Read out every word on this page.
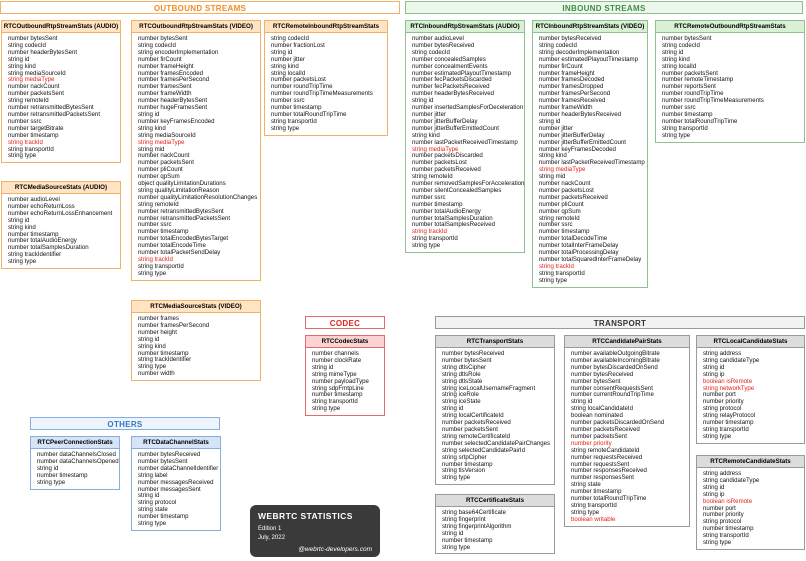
OUTBOUND STREAMS	INBOUND STREAMS
CODEC	TRANSPORT
OTHERS
RTCOutboundRtpStreamStats (AUDIO)
number bytesSent
string codecId
number headerBytesSent
string id
string kind
string mediaSourceId
string mediaType
number nackCount
number packetsSent
string remoteId
number retransmittedBytesSent
number retransmittedPacketsSent
number ssrc
number targetBitrate
number timestamp
string trackId
string transportId
string type
RTCMediaSourceStats (AUDIO)
number audioLevel
number echoReturnLoss
number echoReturnLossEnhancement
string id
string kind
number timestamp
number totalAudioEnergy
number totalSamplesDuration
string trackIdentifier
string type
RTCOutboundRtpStreamStats (VIDEO)
number bytesSent
string codecId
string encoderImplementation
number firCount
number frameHeight
number framesEncoded
number framesPerSecond
number framesSent
number frameWidth
number headerBytesSent
number hugeFramesSent
string id
number keyFramesEncoded
string kind
string mediaSourceId
string mediaType
string mid
number nackCount
number packetsSent
number pliCount
number qpSum
object qualityLimitationDurations
string qualityLimitationReason
number qualityLimitationResolutionChanges
string remoteId
number retransmittedBytesSent
number retransmittedPacketsSent
number ssrc
number timestamp
number totalEncodedBytesTarget
number totalEncodeTime
number totalPacketSendDelay
string trackId
string transportId
string type
RTCMediaSourceStats (VIDEO)
number frames
number framesPerSecond
number height
string id
string kind
number timestamp
string trackIdentifier
string type
number width
RTCRemoteInboundRtpStreamStats
string codecId
number fractionLost
string id
number jitter
string kind
string localId
number packetsLost
number roundTripTime
number roundTripTimeMeasurements
number ssrc
number timestamp
number totalRoundTripTime
string transportId
string type
RTCInboundRtpStreamStats (AUDIO)
number audioLevel
number bytesReceived
string codecId
number concealedSamples
number concealmentEvents
number estimatedPlayoutTimestamp
number fecPacketsDiscarded
number fecPacketsReceived
number headerBytesReceived
string id
number insertedSamplesForDeceleration
number jitter
number jitterBufferDelay
number jitterBufferEmittedCount
string kind
number lastPacketReceivedTimestamp
string mediaType
number packetsDiscarded
number packetsLost
number packetsReceived
string remoteId
number removedSamplesForAcceleration
number silentConcealedSamples
number ssrc
number timestamp
number totalAudioEnergy
number totalSamplesDuration
number totalSamplesReceived
string trackId
string transportId
string type
RTCInboundRtpStreamStats (VIDEO)
number bytesReceived
string codecId
string decoderImplementation
number estimatedPlayoutTimestamp
number firCount
number frameHeight
number framesDecoded
number framesDropped
number framesPerSecond
number framesReceived
number frameWidth
number headerBytesReceived
string id
number jitter
number jitterBufferDelay
number jitterBufferEmittedCount
number keyFramesDecoded
string kind
number lastPacketReceivedTimestamp
string mediaType
string mid
number nackCount
number packetsLost
number packetsReceived
number pliCount
number qpSum
string remoteId
number ssrc
number timestamp
number totalDecodeTime
number totalInterFrameDelay
number totalProcessingDelay
number totalSquaredInterFrameDelay
string trackId
string transportId
string type
RTCRemoteOutboundRtpStreamStats
number bytesSent
string codecId
string id
string kind
string localId
number packetsSent
number remoteTimestamp
number reportsSent
number roundTripTime
number roundTripTimeMeasurements
number ssrc
number timestamp
number totalRoundTripTime
string transportId
string type
RTCCodecStats
number channels
number clockRate
string id
string mimeType
number payloadType
string sdpFmtpLine
number timestamp
string transportId
string type
RTCTransportStats
number bytesReceived
number bytesSent
string dtlsCipher
string dtlsRole
string dtlsState
string iceLocalUsernameFragment
string iceRole
string iceState
string id
string localCertificateId
number packetsReceived
number packetsSent
string remoteCertificateId
number selectedCandidatePairChanges
string selectedCandidatePairId
string srtpCipher
number timestamp
string tlsVersion
string type
RTCCertificateStats
string base64Certificate
string fingerprint
string fingerprintAlgorithm
string id
number timestamp
string type
RTCCandidatePairStats
number availableOutgoingBitrate
number availableIncomingBitrate
number bytesDiscardedOnSend
number bytesReceived
number bytesSent
number consentRequestsSent
number currentRoundTripTime
string id
string localCandidateId
boolean nominated
number packetsDiscardedOnSend
number packetsReceived
number packetsSent
number priority
string remoteCandidateId
number requestsReceived
number requestsSent
number responsesReceived
number responsesSent
string state
number timestamp
number totalRoundTripTime
string transportId
string type
boolean writable
RTCLocalCandidateStats
string address
string candidateType
string id
string ip
boolean isRemote
string networkType
number port
number priority
string protocol
string relayProtocol
number timestamp
string transportId
string type
RTCRemoteCandidateStats
string address
string candidateType
string id
string ip
boolean isRemote
number port
number priority
string protocol
number timestamp
string transportId
string type
RTCPeerConnectionStats
number dataChannelsClosed
number dataChannelsOpened
string id
number timestamp
string type
RTCDataChannelStats
number bytesReceived
number bytesSent
number dataChannelIdentifier
string label
number messagesReceived
number messagesSent
string id
string protocol
string state
number timestamp
string type
WEBRTC STATISTICS
Edition 1
July, 2022
@webrtc-developers.com
